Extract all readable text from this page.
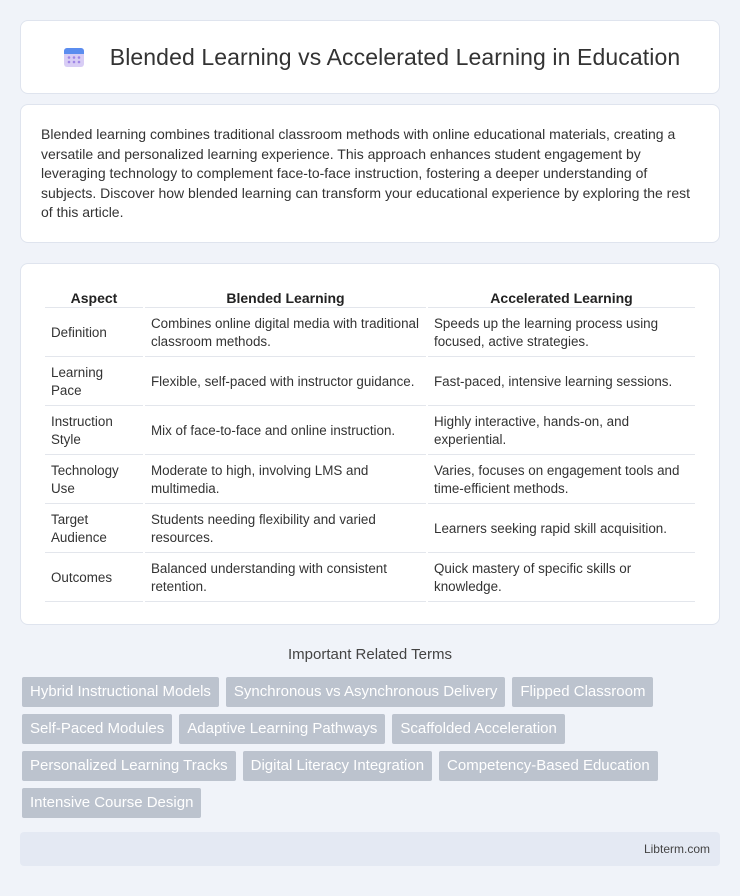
Blended Learning vs Accelerated Learning in Education

Blended learning combines traditional classroom methods with online educational materials, creating a versatile and personalized learning experience. This approach enhances student engagement by leveraging technology to complement face-to-face instruction, fostering a deeper understanding of subjects. Discover how blended learning can transform your educational experience by exploring the rest of this article.

Aspect	Blended Learning	Accelerated Learning
Definition	Combines online digital media with traditional classroom methods.	Speeds up the learning process using focused, active strategies.
Learning Pace	Flexible, self-paced with instructor guidance.	Fast-paced, intensive learning sessions.
Instruction Style	Mix of face-to-face and online instruction.	Highly interactive, hands-on, and experiential.
Technology Use	Moderate to high, involving LMS and multimedia.	Varies, focuses on engagement tools and time-efficient methods.
Target Audience	Students needing flexibility and varied resources.	Learners seeking rapid skill acquisition.
Outcomes	Balanced understanding with consistent retention.	Quick mastery of specific skills or knowledge.
Important Related Terms
Hybrid Instructional Models	Synchronous vs Asynchronous Delivery	Flipped Classroom
Self-Paced Modules	Adaptive Learning Pathways	Scaffolded Acceleration
Personalized Learning Tracks	Digital Literacy Integration	Competency-Based Education
Intensive Course Design
Libterm.com
